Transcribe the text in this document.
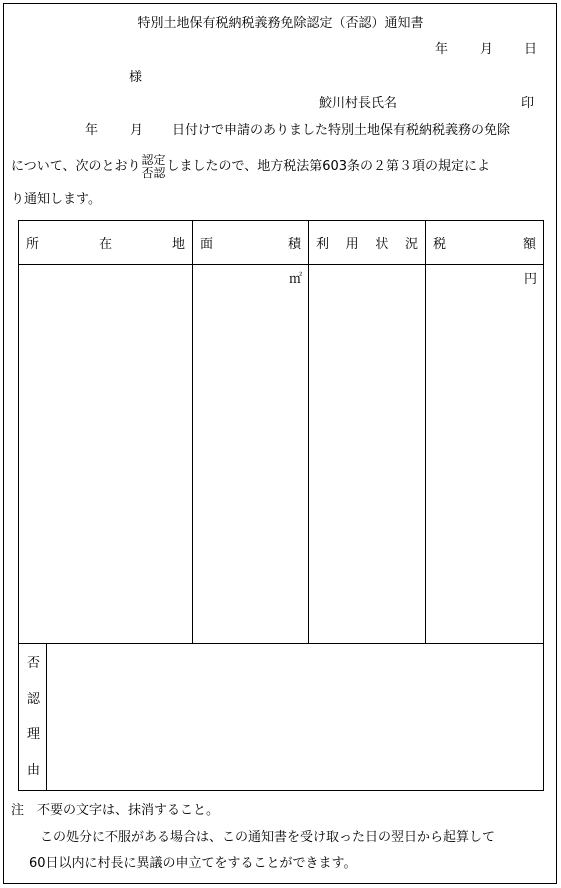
特別土地保有税納税義務免除認定（否認）通知書
年 月 日
様
鮫川村長氏名	印
年 月 日付けで申請のありました特別土地保有税納税義務の免除
について、次のとおり 認定
否認 しましたので、地方税法第603条の２第３項の規定によ
り通知します。
所 在 地		面 積	利 用 状 況	税 額

		㎡		円

否
認
理
由				

注　不要の文字は、抹消すること。
この処分に不服がある場合は、この通知書を受け取った日の翌日から起算して
60日以内に村長に異議の申立てをすることができます。
